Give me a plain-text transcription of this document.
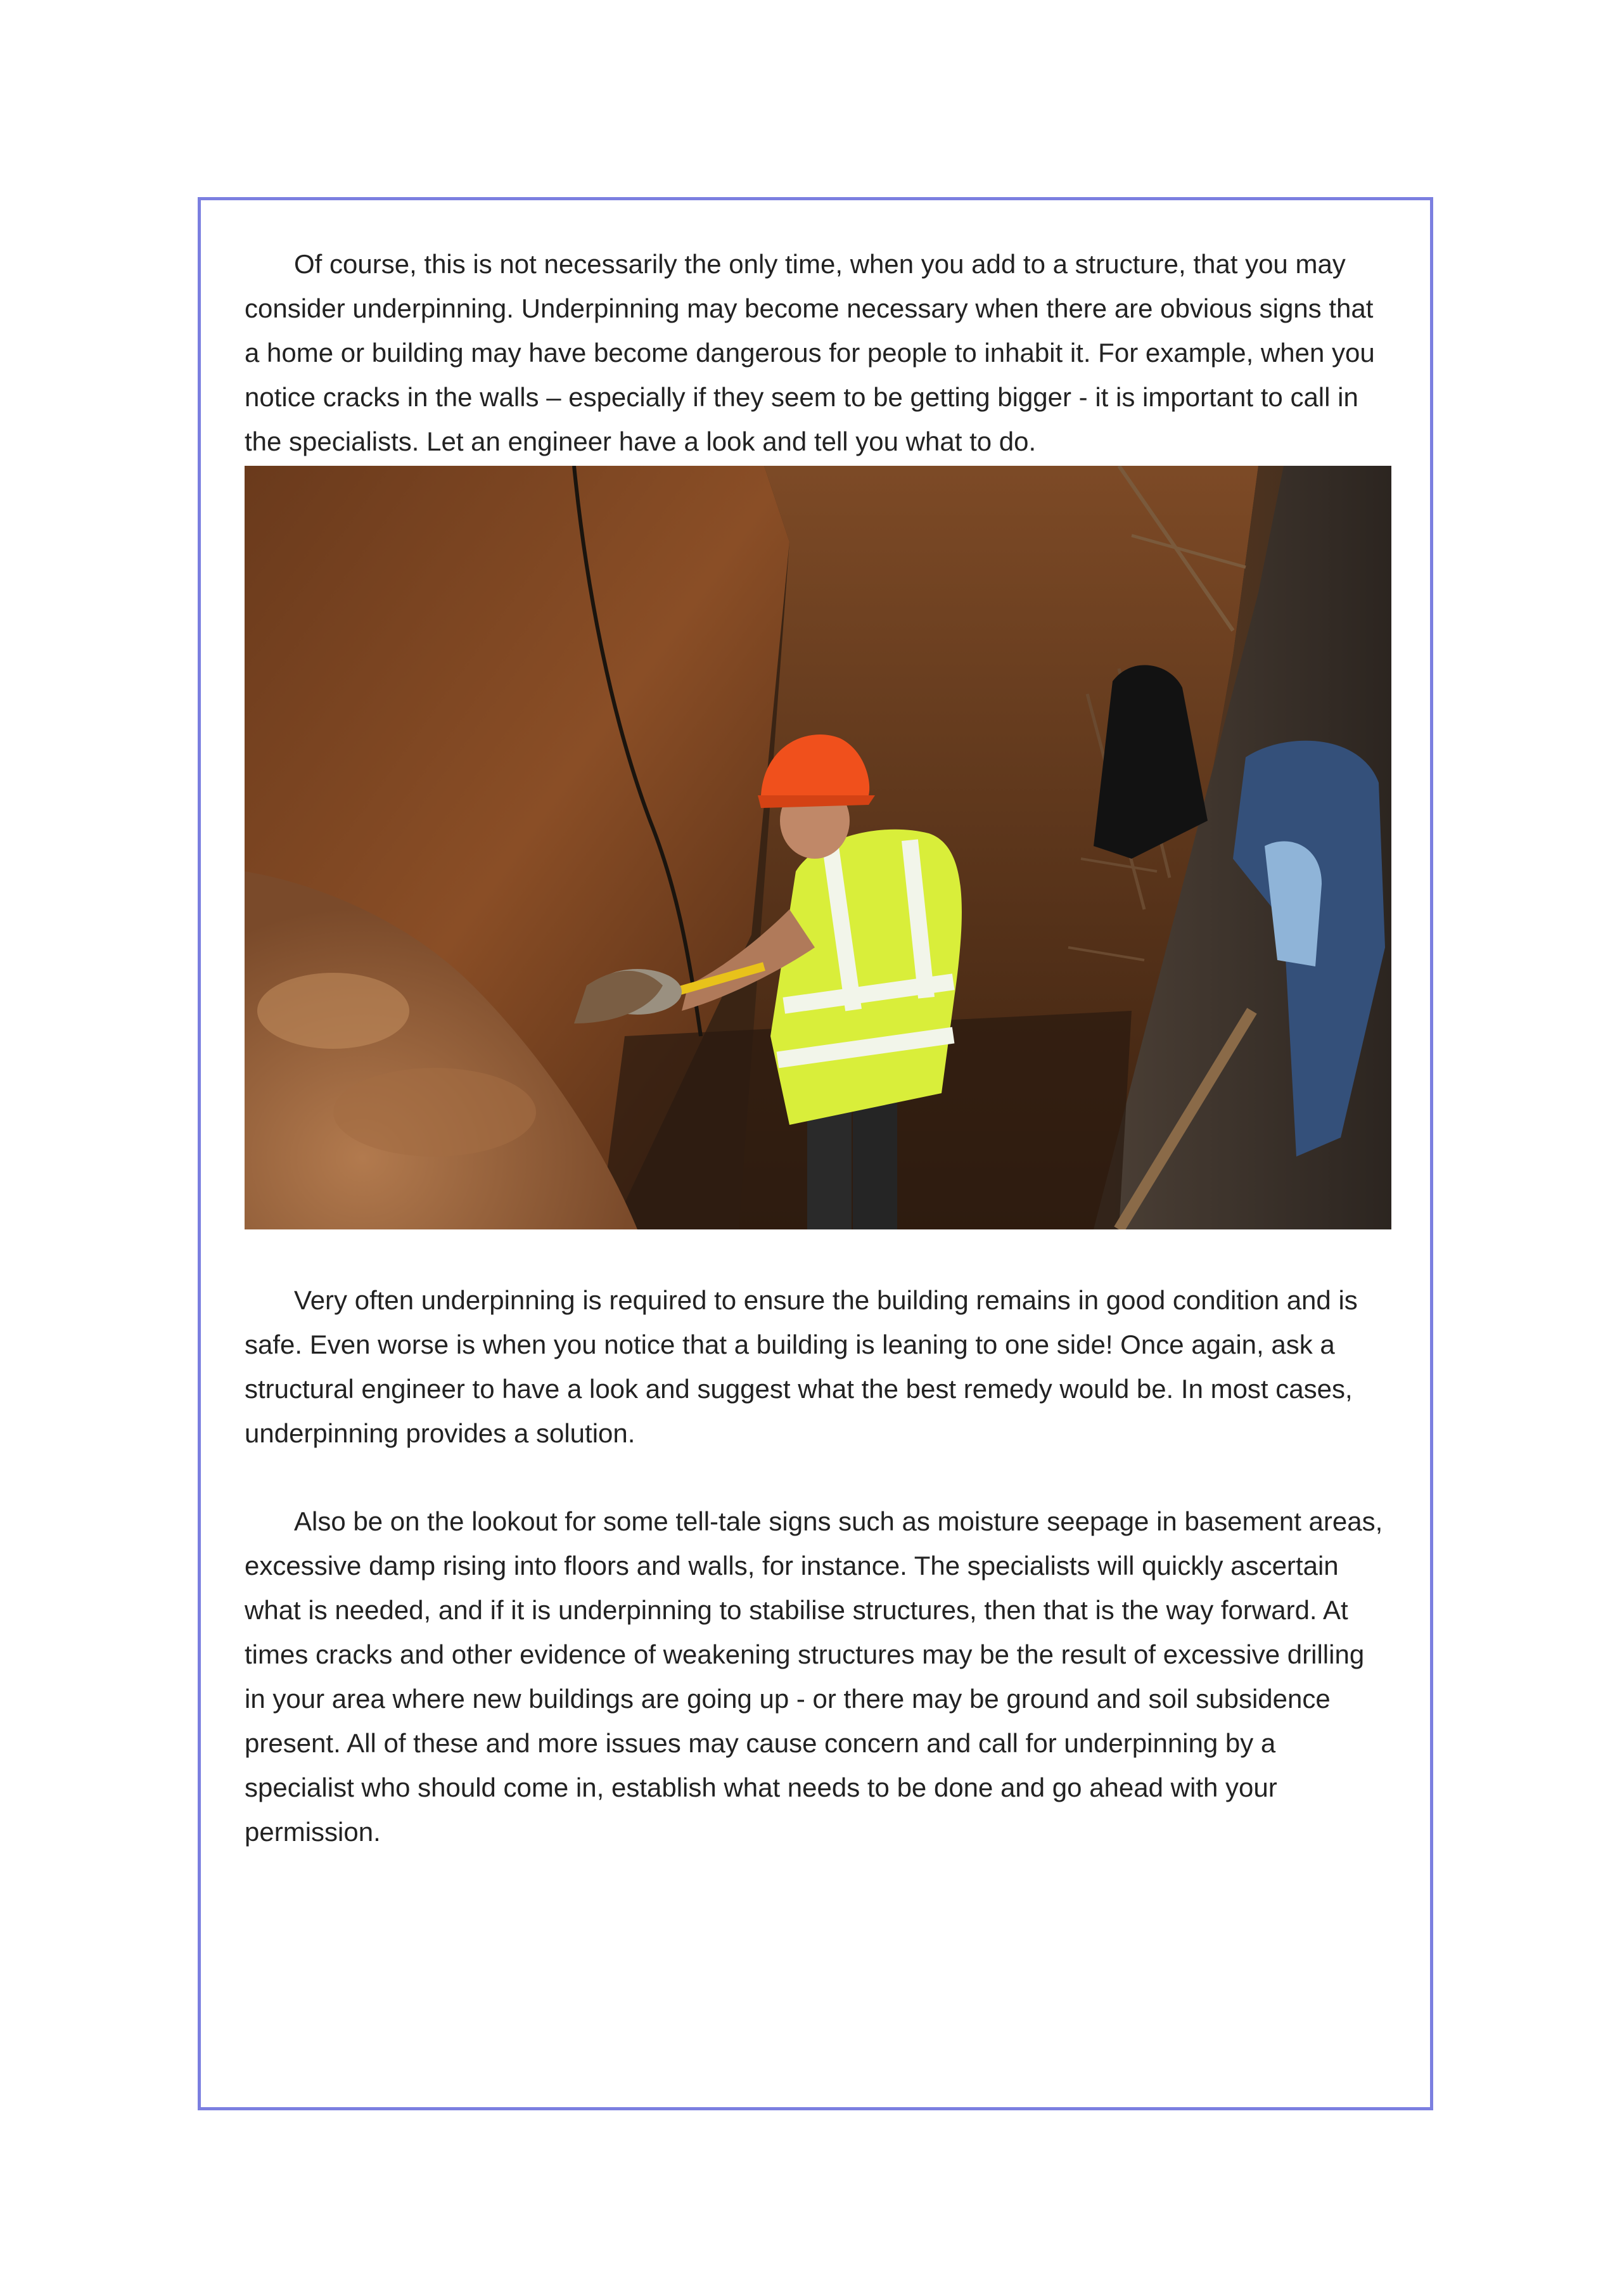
Of course, this is not necessarily the only time, when you add to a structure, that you may consider underpinning. Underpinning may become necessary when there are obvious signs that a home or building may have become dangerous for people to inhabit it. For example, when you notice cracks in the walls – especially if they seem to be getting bigger - it is important to call in the specialists. Let an engineer have a look and tell you what to do.

Very often underpinning is required to ensure the building remains in good condition and is safe. Even worse is when you notice that a building is leaning to one side! Once again, ask a structural engineer to have a look and suggest what the best remedy would be. In most cases, underpinning provides a solution.

Also be on the lookout for some tell-tale signs such as moisture seepage in basement areas, excessive damp rising into floors and walls, for instance. The specialists will quickly ascertain what is needed, and if it is underpinning to stabilise structures, then that is the way forward. At times cracks and other evidence of weakening structures may be the result of excessive drilling in your area where new buildings are going up - or there may be ground and soil subsidence present. All of these and more issues may cause concern and call for underpinning by a specialist who should come in, establish what needs to be done and go ahead with your permission.
